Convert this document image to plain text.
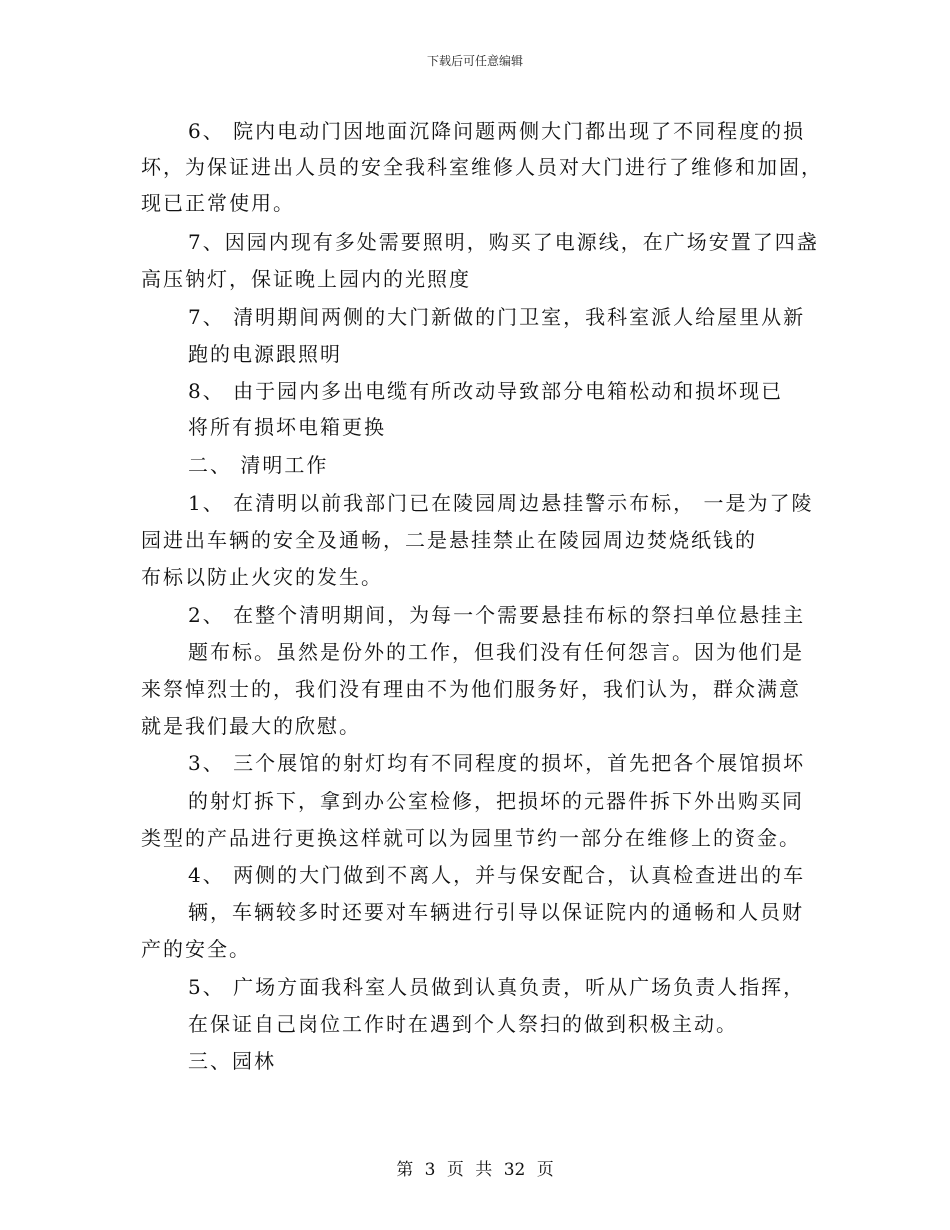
下载后可任意编辑
6、 院内电动门因地面沉降问题两侧大门都出现了不同程度的损
坏，为保证进出人员的安全我科室维修人员对大门进行了维修和加固，
现已正常使用。
7、因园内现有多处需要照明，购买了电源线，在广场安置了四盏
高压钠灯，保证晚上园内的光照度
7、 清明期间两侧的大门新做的门卫室，我科室派人给屋里从新
跑的电源跟照明
8、 由于园内多出电缆有所改动导致部分电箱松动和损坏现已
将所有损坏电箱更换
二、 清明工作
1、 在清明以前我部门已在陵园周边悬挂警示布标， 一是为了陵
园进出车辆的安全及通畅，二是悬挂禁止在陵园周边焚烧纸钱的
布标以防止火灾的发生。
2、 在整个清明期间，为每一个需要悬挂布标的祭扫单位悬挂主
题布标。虽然是份外的工作，但我们没有任何怨言。因为他们是
来祭悼烈士的，我们没有理由不为他们服务好，我们认为，群众满意
就是我们最大的欣慰。
3、 三个展馆的射灯均有不同程度的损坏，首先把各个展馆损坏
的射灯拆下，拿到办公室检修，把损坏的元器件拆下外出购买同
类型的产品进行更换这样就可以为园里节约一部分在维修上的资金。
4、 两侧的大门做到不离人，并与保安配合，认真检查进出的车
辆，车辆较多时还要对车辆进行引导以保证院内的通畅和人员财
产的安全。
5、 广场方面我科室人员做到认真负责，听从广场负责人指挥，
在保证自己岗位工作时在遇到个人祭扫的做到积极主动。
三、园林
第 3 页 共 32 页
